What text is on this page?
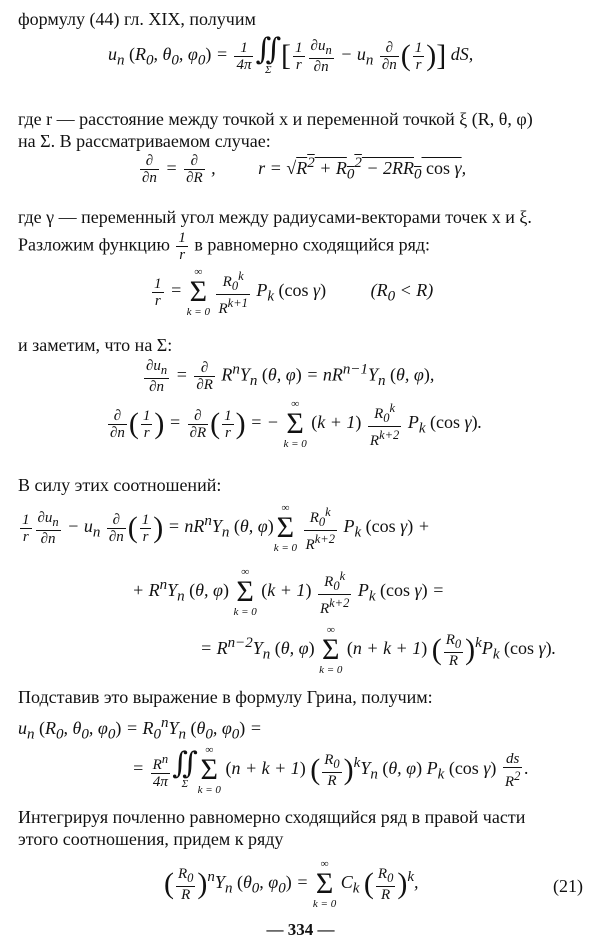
формулу (44) гл. XIX, получим
$u_n$ ($R_0$, $\theta_0$, $\varphi_0) = \frac{1}{4\pi}$ ∬
Σ [ $\frac{1}{r} \frac{\partial u_n}{\partial n} - u_n \frac{\partial}{\partial n}$ ( $\frac{1}{r}$ )] dS,
где r — расстояние между точкой x и переменной точкой ξ (R, θ, φ)
на Σ. В рассматриваемом случае:
$\frac{\partial}{\partial n} = \frac{\partial}{\partial R}$ , $r = √R^2 + R_0^2 - 2RR_0$ cos γ,
где γ — переменный угол между радиусами-векторами точек x и ξ.
Разложим функцию $\frac{1}{r}$ в равномерно сходящийся ряд:
$\frac{1}{r}$ = ∞
Σ
$k = 0 \frac{R_0^k}{R^{k+1}} P_k$ (cos γ) $(R_0 < R)$
и заметим, что на Σ:
$\frac{\partial u_n}{\partial n} = \frac{\partial}{\partial R} R^nY_n$ (θ, $\varphi) = nR^{n-1}Y_n$ (θ, φ),
$\frac{\partial}{\partial n}$ ( $\frac{1}{r}$ ) = $\frac{\partial}{\partial R}$ ( $\frac{1}{r}$ ) = − ∞
Σ
k = 0 $(k + 1) \frac{R_0^k}{R^{k+2}} P_k$ (cos γ).
В силу этих соотношений:
$\frac{1}{r} \frac{\partial u_n}{\partial n} - u_n \frac{\partial}{\partial n}$ ( $\frac{1}{r}$ ) = $nR^nY_n$ (θ, φ)∞
Σ
$k = 0 \frac{R_0^k}{R^{k+2}} P_k$ (cos γ) +
+ $R^nY_n$ (θ, φ) ∞
Σ
k = 0 $(k + 1) \frac{R_0^k}{R^{k+2}} P_k$ (cos γ) =
= $R^{n-2}Y_n$ (θ, φ) ∞
Σ
k = 0 (n + k + 1) ( $\frac{R_0}{R} )^kP_k$ (cos γ).
Подставив это выражение в формулу Грина, получим:
$u_n$ ($R_0$, $\theta_0$, $\varphi_0) = R_0^nY_n$ ($\theta_0$, $\varphi_0$) =
= $\frac{R^n}{4\pi}$ ∬
Σ∞
Σ
k = 0 (n + k + 1) ( $\frac{R_0}{R} )^kY_n$ (θ, φ) $P_k$ (cos $\gamma) \frac{ds}{R^2}$ .
Интегрируя почленно равномерно сходящийся ряд в правой части
этого соотношения, придем к ряду
( $\frac{R_0}{R} )^nY_n$ ($\theta_0$, $\varphi_0$) = ∞
Σ
k = 0 $C_k$ ( $\frac{R_0}{R} )^k$,	(21)
— 334 —
